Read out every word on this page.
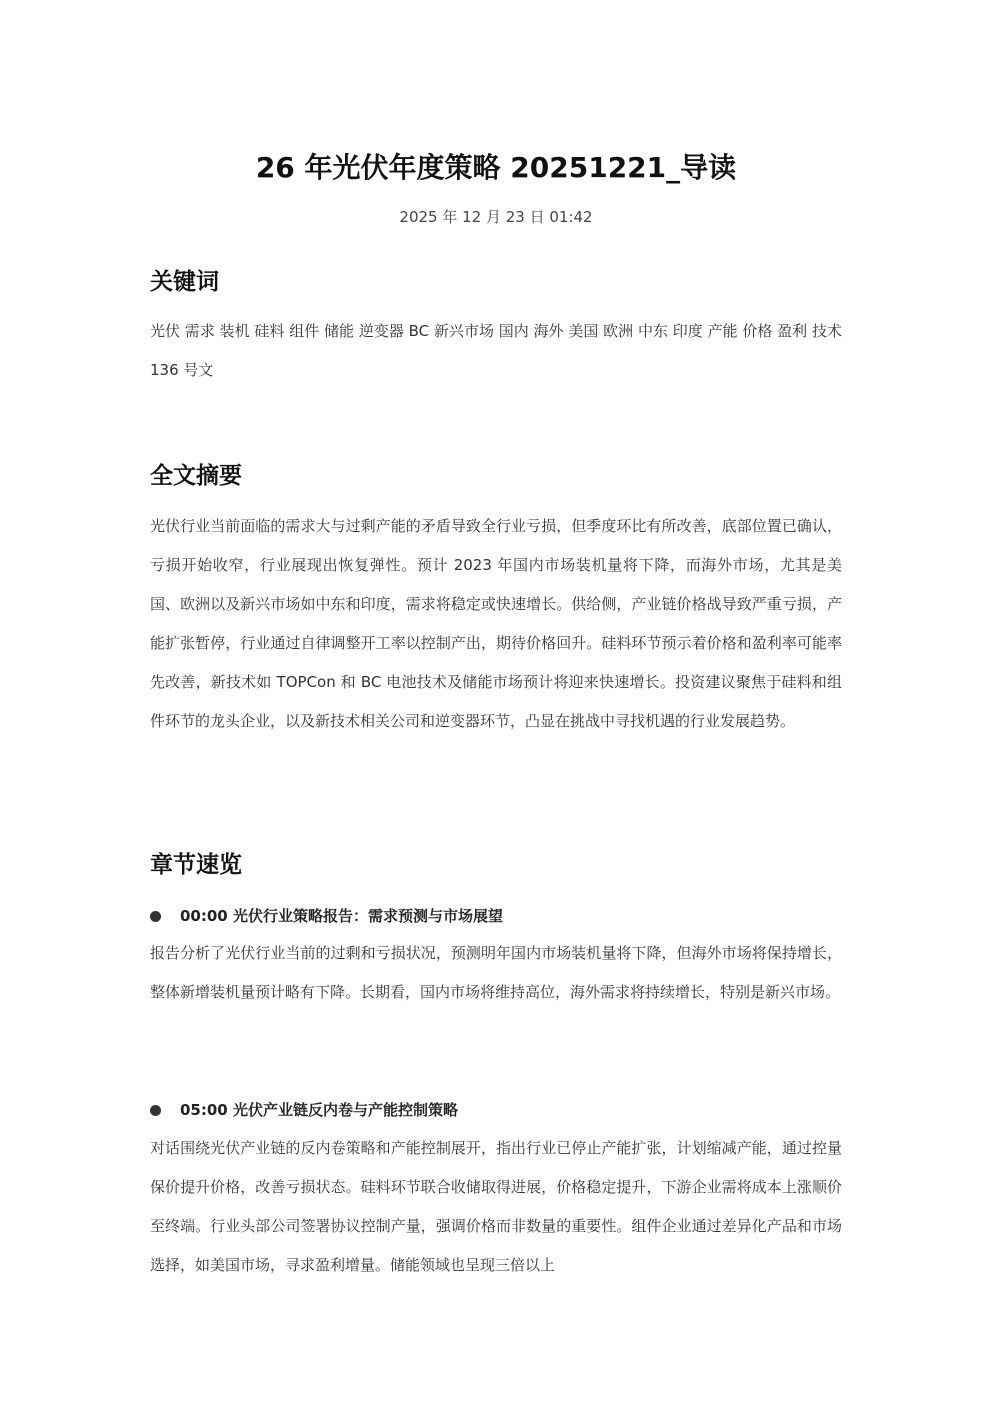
26 年光伏年度策略 20251221_导读
2025 年 12 月 23 日 01:42
关键词

光伏 需求 装机 硅料 组件 储能 逆变器 BC 新兴市场 国内 海外 美国 欧洲 中东 印度 产能 价格 盈利 技术 136 号文

全文摘要

光伏行业当前面临的需求大与过剩产能的矛盾导致全行业亏损，但季度环比有所改善，底部位置已确认，亏损开始收窄，行业展现出恢复弹性。预计 2023 年国内市场装机量将下降，而海外市场，尤其是美国、欧洲以及新兴市场如中东和印度，需求将稳定或快速增长。供给侧，产业链价格战导致严重亏损，产能扩张暂停，行业通过自律调整开工率以控制产出，期待价格回升。硅料环节预示着价格和盈利率可能率先改善，新技术如 TOPCon 和 BC 电池技术及储能市场预计将迎来快速增长。投资建议聚焦于硅料和组件环节的龙头企业，以及新技术相关公司和逆变器环节，凸显在挑战中寻找机遇的行业发展趋势。

章节速览
00:00 光伏行业策略报告：需求预测与市场展望

报告分析了光伏行业当前的过剩和亏损状况，预测明年国内市场装机量将下降，但海外市场将保持增长，整体新增装机量预计略有下降。长期看，国内市场将维持高位，海外需求将持续增长，特别是新兴市场。

05:00 光伏产业链反内卷与产能控制策略

对话围绕光伏产业链的反内卷策略和产能控制展开，指出行业已停止产能扩张，计划缩减产能，通过控量保价提升价格，改善亏损状态。硅料环节联合收储取得进展，价格稳定提升，下游企业需将成本上涨顺价至终端。行业头部公司签署协议控制产量，强调价格而非数量的重要性。组件企业通过差异化产品和市场选择，如美国市场，寻求盈利增量。储能领域也呈现三倍以上
